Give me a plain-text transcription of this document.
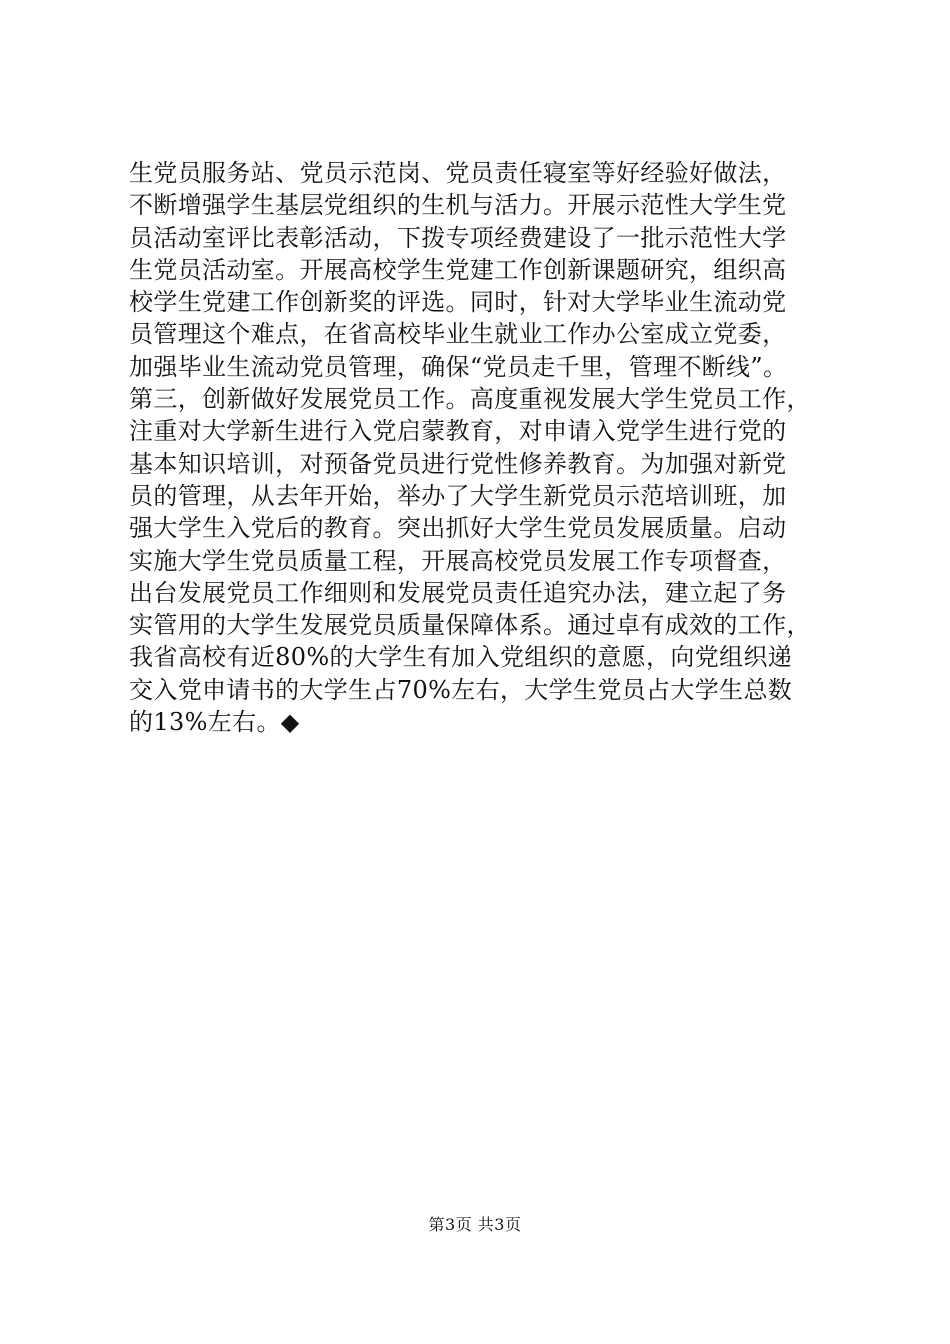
生党员服务站、党员示范岗、党员责任寝室等好经验好做法，
不断增强学生基层党组织的生机与活力。开展示范性大学生党
员活动室评比表彰活动，下拨专项经费建设了一批示范性大学
生党员活动室。开展高校学生党建工作创新课题研究，组织高
校学生党建工作创新奖的评选。同时，针对大学毕业生流动党
员管理这个难点，在省高校毕业生就业工作办公室成立党委，
加强毕业生流动党员管理，确保“党员走千里，管理不断线”。
第三，创新做好发展党员工作。高度重视发展大学生党员工作，
注重对大学新生进行入党启蒙教育，对申请入党学生进行党的
基本知识培训，对预备党员进行党性修养教育。为加强对新党
员的管理，从去年开始，举办了大学生新党员示范培训班，加
强大学生入党后的教育。突出抓好大学生党员发展质量。启动
实施大学生党员质量工程，开展高校党员发展工作专项督查，
出台发展党员工作细则和发展党员责任追究办法，建立起了务
实管用的大学生发展党员质量保障体系。通过卓有成效的工作，
我省高校有近80%的大学生有加入党组织的意愿，向党组织递
交入党申请书的大学生占70%左右，大学生党员占大学生总数
的13%左右。◆
第3页 共3页
